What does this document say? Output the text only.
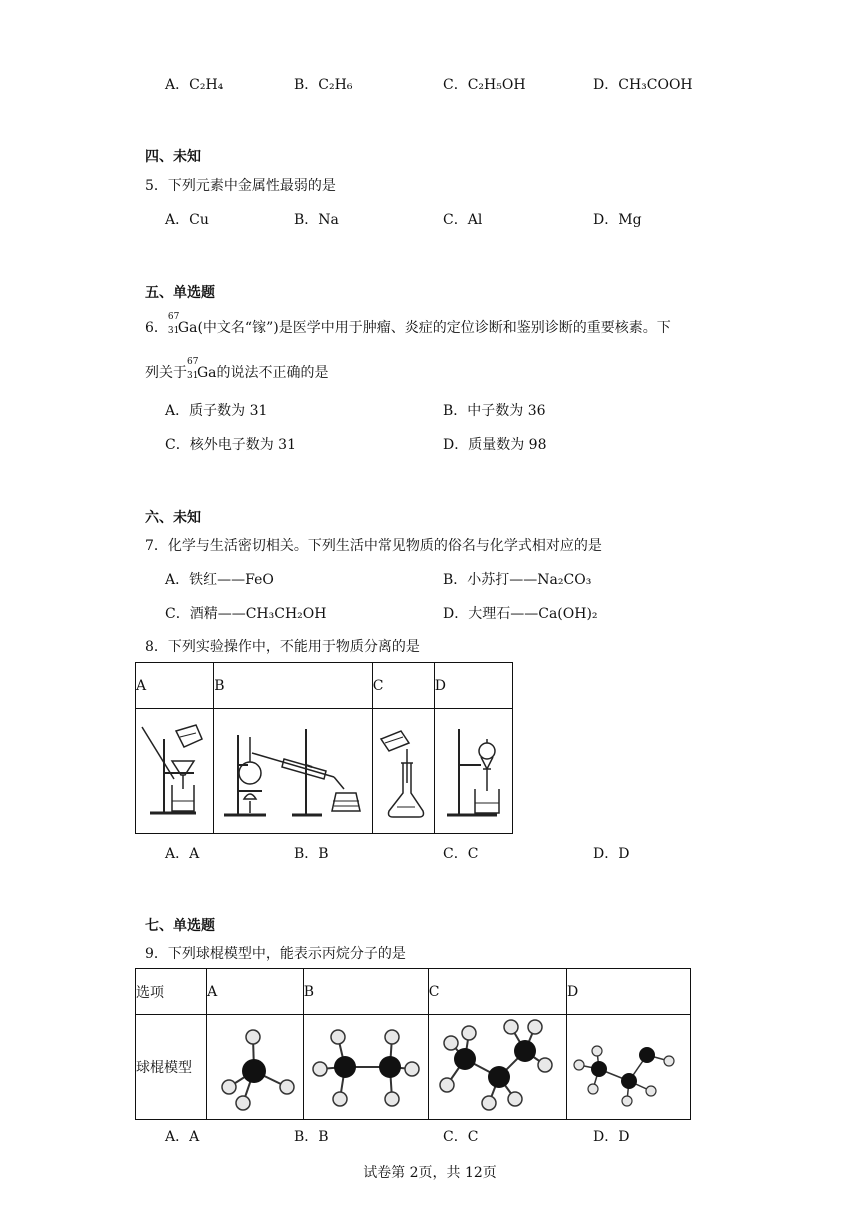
A．C₂H₄	B．C₂H₆	C．C₂H₅OH	D．CH₃COOH
四、未知
5．下列元素中金属性最弱的是
A．Cu	B．Na	C．Al	D．Mg
五、单选题
6．
67
31
Ga(中文名“镓”)是医学中用于肿瘤、炎症的定位诊断和鉴别诊断的重要核素。下
列关于
67
31
Ga的说法不正确的是
A．质子数为 31	B．中子数为 36
C．核外电子数为 31	D．质量数为 98
六、未知
7．化学与生活密切相关。下列生活中常见物质的俗名与化学式相对应的是
A．铁红——FeO	B．小苏打——Na₂CO₃
C．酒精——CH₃CH₂OH	D．大理石——Ca(OH)₂
8．下列实验操作中，不能用于物质分离的是
A	B	C	D

A．A	B．B	C．C	D．D
七、单选题
9．下列球棍模型中，能表示丙烷分子的是
选项	A	B	C	D
球棍模型				
A．A	B．B	C．C	D．D
试卷第 2页，共 12页
